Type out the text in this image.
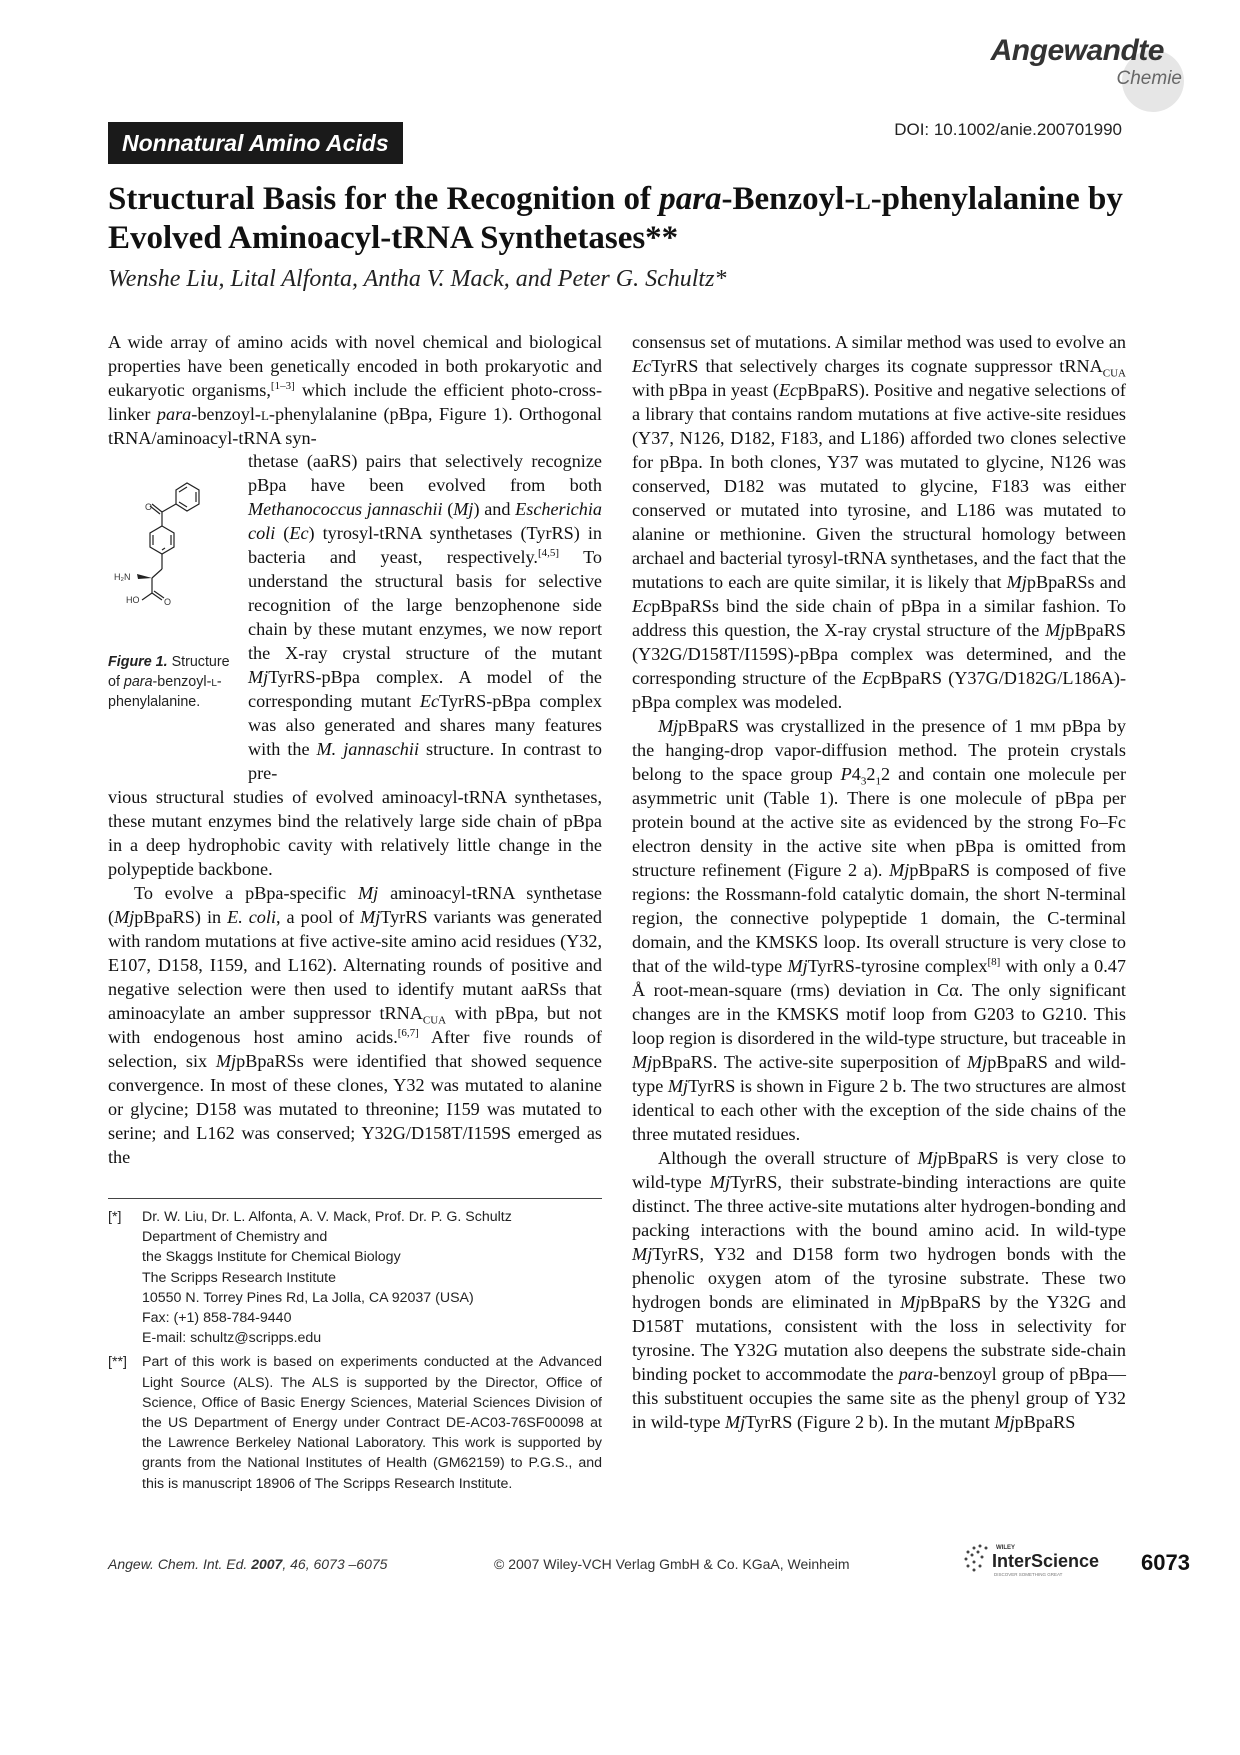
Angewandte
Chemie
Nonnatural Amino Acids
DOI: 10.1002/anie.200701990
Structural Basis for the Recognition of para-Benzoyl-l-phenylalanine by Evolved Aminoacyl-tRNA Synthetases**
Wenshe Liu, Lital Alfonta, Antha V. Mack, and Peter G. Schultz*

A wide array of amino acids with novel chemical and biological properties have been genetically encoded in both prokaryotic and eukaryotic organisms,[1–3] which include the efficient photo-cross-linker para-benzoyl-l-phenylalanine (pBpa, Figure 1). Orthogonal tRNA/aminoacyl-tRNA syn-

O
H₂N
HO	O
Figure 1. Structure of para-benzoyl-l-phenylalanine.

thetase (aaRS) pairs that selectively recognize pBpa have been evolved from both Methanococcus jannaschii (Mj) and Escherichia coli (Ec) tyrosyl-tRNA synthetases (TyrRS) in bacteria and yeast, respectively.[4,5] To understand the structural basis for selective recognition of the large benzophenone side chain by these mutant enzymes, we now report the X-ray crystal structure of the mutant MjTyrRS-pBpa complex. A model of the corresponding mutant EcTyrRS-pBpa complex was also generated and shares many features with the M. jannaschii structure. In contrast to pre-

vious structural studies of evolved aminoacyl-tRNA synthetases, these mutant enzymes bind the relatively large side chain of pBpa in a deep hydrophobic cavity with relatively little change in the polypeptide backbone.

To evolve a pBpa-specific Mj aminoacyl-tRNA synthetase (MjpBpaRS) in E. coli, a pool of MjTyrRS variants was generated with random mutations at five active-site amino acid residues (Y32, E107, D158, I159, and L162). Alternating rounds of positive and negative selection were then used to identify mutant aaRSs that aminoacylate an amber suppressor tRNA$_{CUA}$ with pBpa, but not with endogenous host amino acids.[6,7] After five rounds of selection, six MjpBpaRSs were identified that showed sequence convergence. In most of these clones, Y32 was mutated to alanine or glycine; D158 was mutated to threonine; I159 was mutated to serine; and L162 was conserved; Y32G/D158T/I159S emerged as the

consensus set of mutations. A similar method was used to evolve an EcTyrRS that selectively charges its cognate suppressor tRNA$_{CUA}$ with pBpa in yeast (EcpBpaRS). Positive and negative selections of a library that contains random mutations at five active-site residues (Y37, N126, D182, F183, and L186) afforded two clones selective for pBpa. In both clones, Y37 was mutated to glycine, N126 was conserved, D182 was mutated to glycine, F183 was either conserved or mutated into tyrosine, and L186 was mutated to alanine or methionine. Given the structural homology between archael and bacterial tyrosyl-tRNA synthetases, and the fact that the mutations to each are quite similar, it is likely that MjpBpaRSs and EcpBpaRSs bind the side chain of pBpa in a similar fashion. To address this question, the X-ray crystal structure of the MjpBpaRS (Y32G/D158T/I159S)-pBpa complex was determined, and the corresponding structure of the EcpBpaRS (Y37G/D182G/L186A)-pBpa complex was modeled.

MjpBpaRS was crystallized in the presence of 1 mm pBpa by the hanging-drop vapor-diffusion method. The protein crystals belong to the space group $P4_32_12$ and contain one molecule per asymmetric unit (Table 1). There is one molecule of pBpa per protein bound at the active site as evidenced by the strong Fo–Fc electron density in the active site when pBpa is omitted from structure refinement (Figure 2 a). MjpBpaRS is composed of five regions: the Rossmann-fold catalytic domain, the short N-terminal region, the connective polypeptide 1 domain, the C-terminal domain, and the KMSKS loop. Its overall structure is very close to that of the wild-type MjTyrRS-tyrosine complex[8] with only a 0.47 Å root-mean-square (rms) deviation in Cα. The only significant changes are in the KMSKS motif loop from G203 to G210. This loop region is disordered in the wild-type structure, but traceable in MjpBpaRS. The active-site superposition of MjpBpaRS and wild-type MjTyrRS is shown in Figure 2 b. The two structures are almost identical to each other with the exception of the side chains of the three mutated residues.

Although the overall structure of MjpBpaRS is very close to wild-type MjTyrRS, their substrate-binding interactions are quite distinct. The three active-site mutations alter hydrogen-bonding and packing interactions with the bound amino acid. In wild-type MjTyrRS, Y32 and D158 form two hydrogen bonds with the phenolic oxygen atom of the tyrosine substrate. These two hydrogen bonds are eliminated in MjpBpaRS by the Y32G and D158T mutations, consistent with the loss in selectivity for tyrosine. The Y32G mutation also deepens the substrate side-chain binding pocket to accommodate the para-benzoyl group of pBpa—this substituent occupies the same site as the phenyl group of Y32 in wild-type MjTyrRS (Figure 2 b). In the mutant MjpBpaRS

[*]	Dr. W. Liu, Dr. L. Alfonta, A. V. Mack, Prof. Dr. P. G. Schultz
Department of Chemistry and
the Skaggs Institute for Chemical Biology
The Scripps Research Institute
10550 N. Torrey Pines Rd, La Jolla, CA 92037 (USA)
Fax: (+1) 858-784-9440
E-mail: schultz@scripps.edu
[**]	Part of this work is based on experiments conducted at the Advanced Light Source (ALS). The ALS is supported by the Director, Office of Science, Office of Basic Energy Sciences, Material Sciences Division of the US Department of Energy under Contract DE-AC03-76SF00098 at the Lawrence Berkeley National Laboratory. This work is supported by grants from the National Institutes of Health (GM62159) to P.G.S., and this is manuscript 18906 of The Scripps Research Institute.
Angew. Chem. Int. Ed. 2007, 46, 6073 –6075	© 2007 Wiley-VCH Verlag GmbH & Co. KGaA, Weinheim
WILEY
InterScience
DISCOVER SOMETHING GREAT	6073
